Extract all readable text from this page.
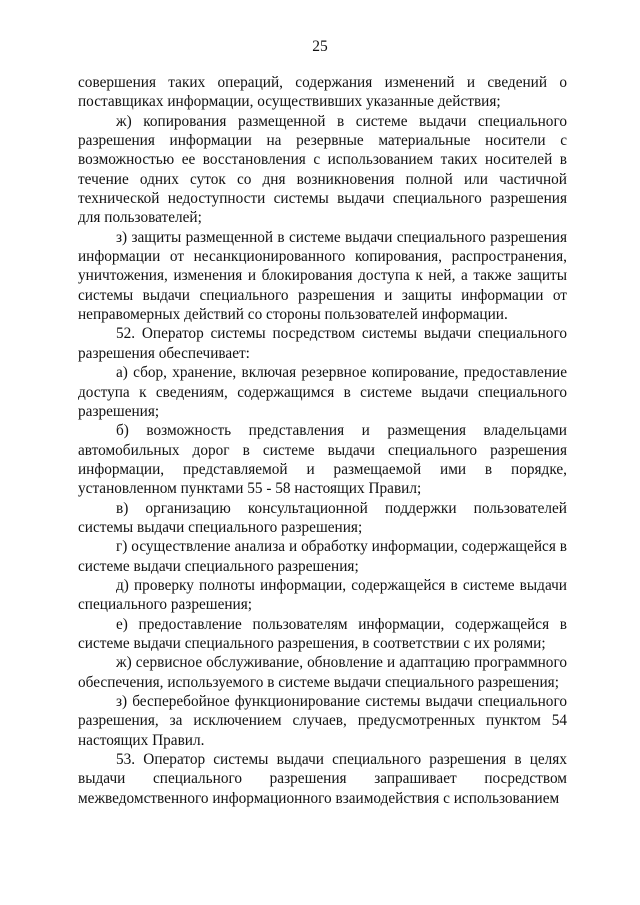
25

совершения таких операций, содержания изменений и сведений о поставщиках информации, осуществивших указанные действия;

ж) копирования размещенной в системе выдачи специального разрешения информации на резервные материальные носители с возможностью ее восстановления с использованием таких носителей в течение одних суток со дня возникновения полной или частичной технической недоступности системы выдачи специального разрешения для пользователей;

з) защиты размещенной в системе выдачи специального разрешения информации от несанкционированного копирования, распространения, уничтожения, изменения и блокирования доступа к ней, а также защиты системы выдачи специального разрешения и защиты информации от неправомерных действий со стороны пользователей информации.

52. Оператор системы посредством системы выдачи специального разрешения обеспечивает:

а) сбор, хранение, включая резервное копирование, предоставление доступа к сведениям, содержащимся в системе выдачи специального разрешения;

б) возможность представления и размещения владельцами автомобильных дорог в системе выдачи специального разрешения информации, представляемой и размещаемой ими в порядке, установленном пунктами 55 - 58 настоящих Правил;

в) организацию консультационной поддержки пользователей системы выдачи специального разрешения;

г) осуществление анализа и обработку информации, содержащейся в системе выдачи специального разрешения;

д) проверку полноты информации, содержащейся в системе выдачи специального разрешения;

е) предоставление пользователям информации, содержащейся в системе выдачи специального разрешения, в соответствии с их ролями;

ж) сервисное обслуживание, обновление и адаптацию программного обеспечения, используемого в системе выдачи специального разрешения;

з) бесперебойное функционирование системы выдачи специального разрешения, за исключением случаев, предусмотренных пунктом 54 настоящих Правил.

53. Оператор системы выдачи специального разрешения в целях выдачи специального разрешения запрашивает посредством межведомственного информационного взаимодействия с использованием
